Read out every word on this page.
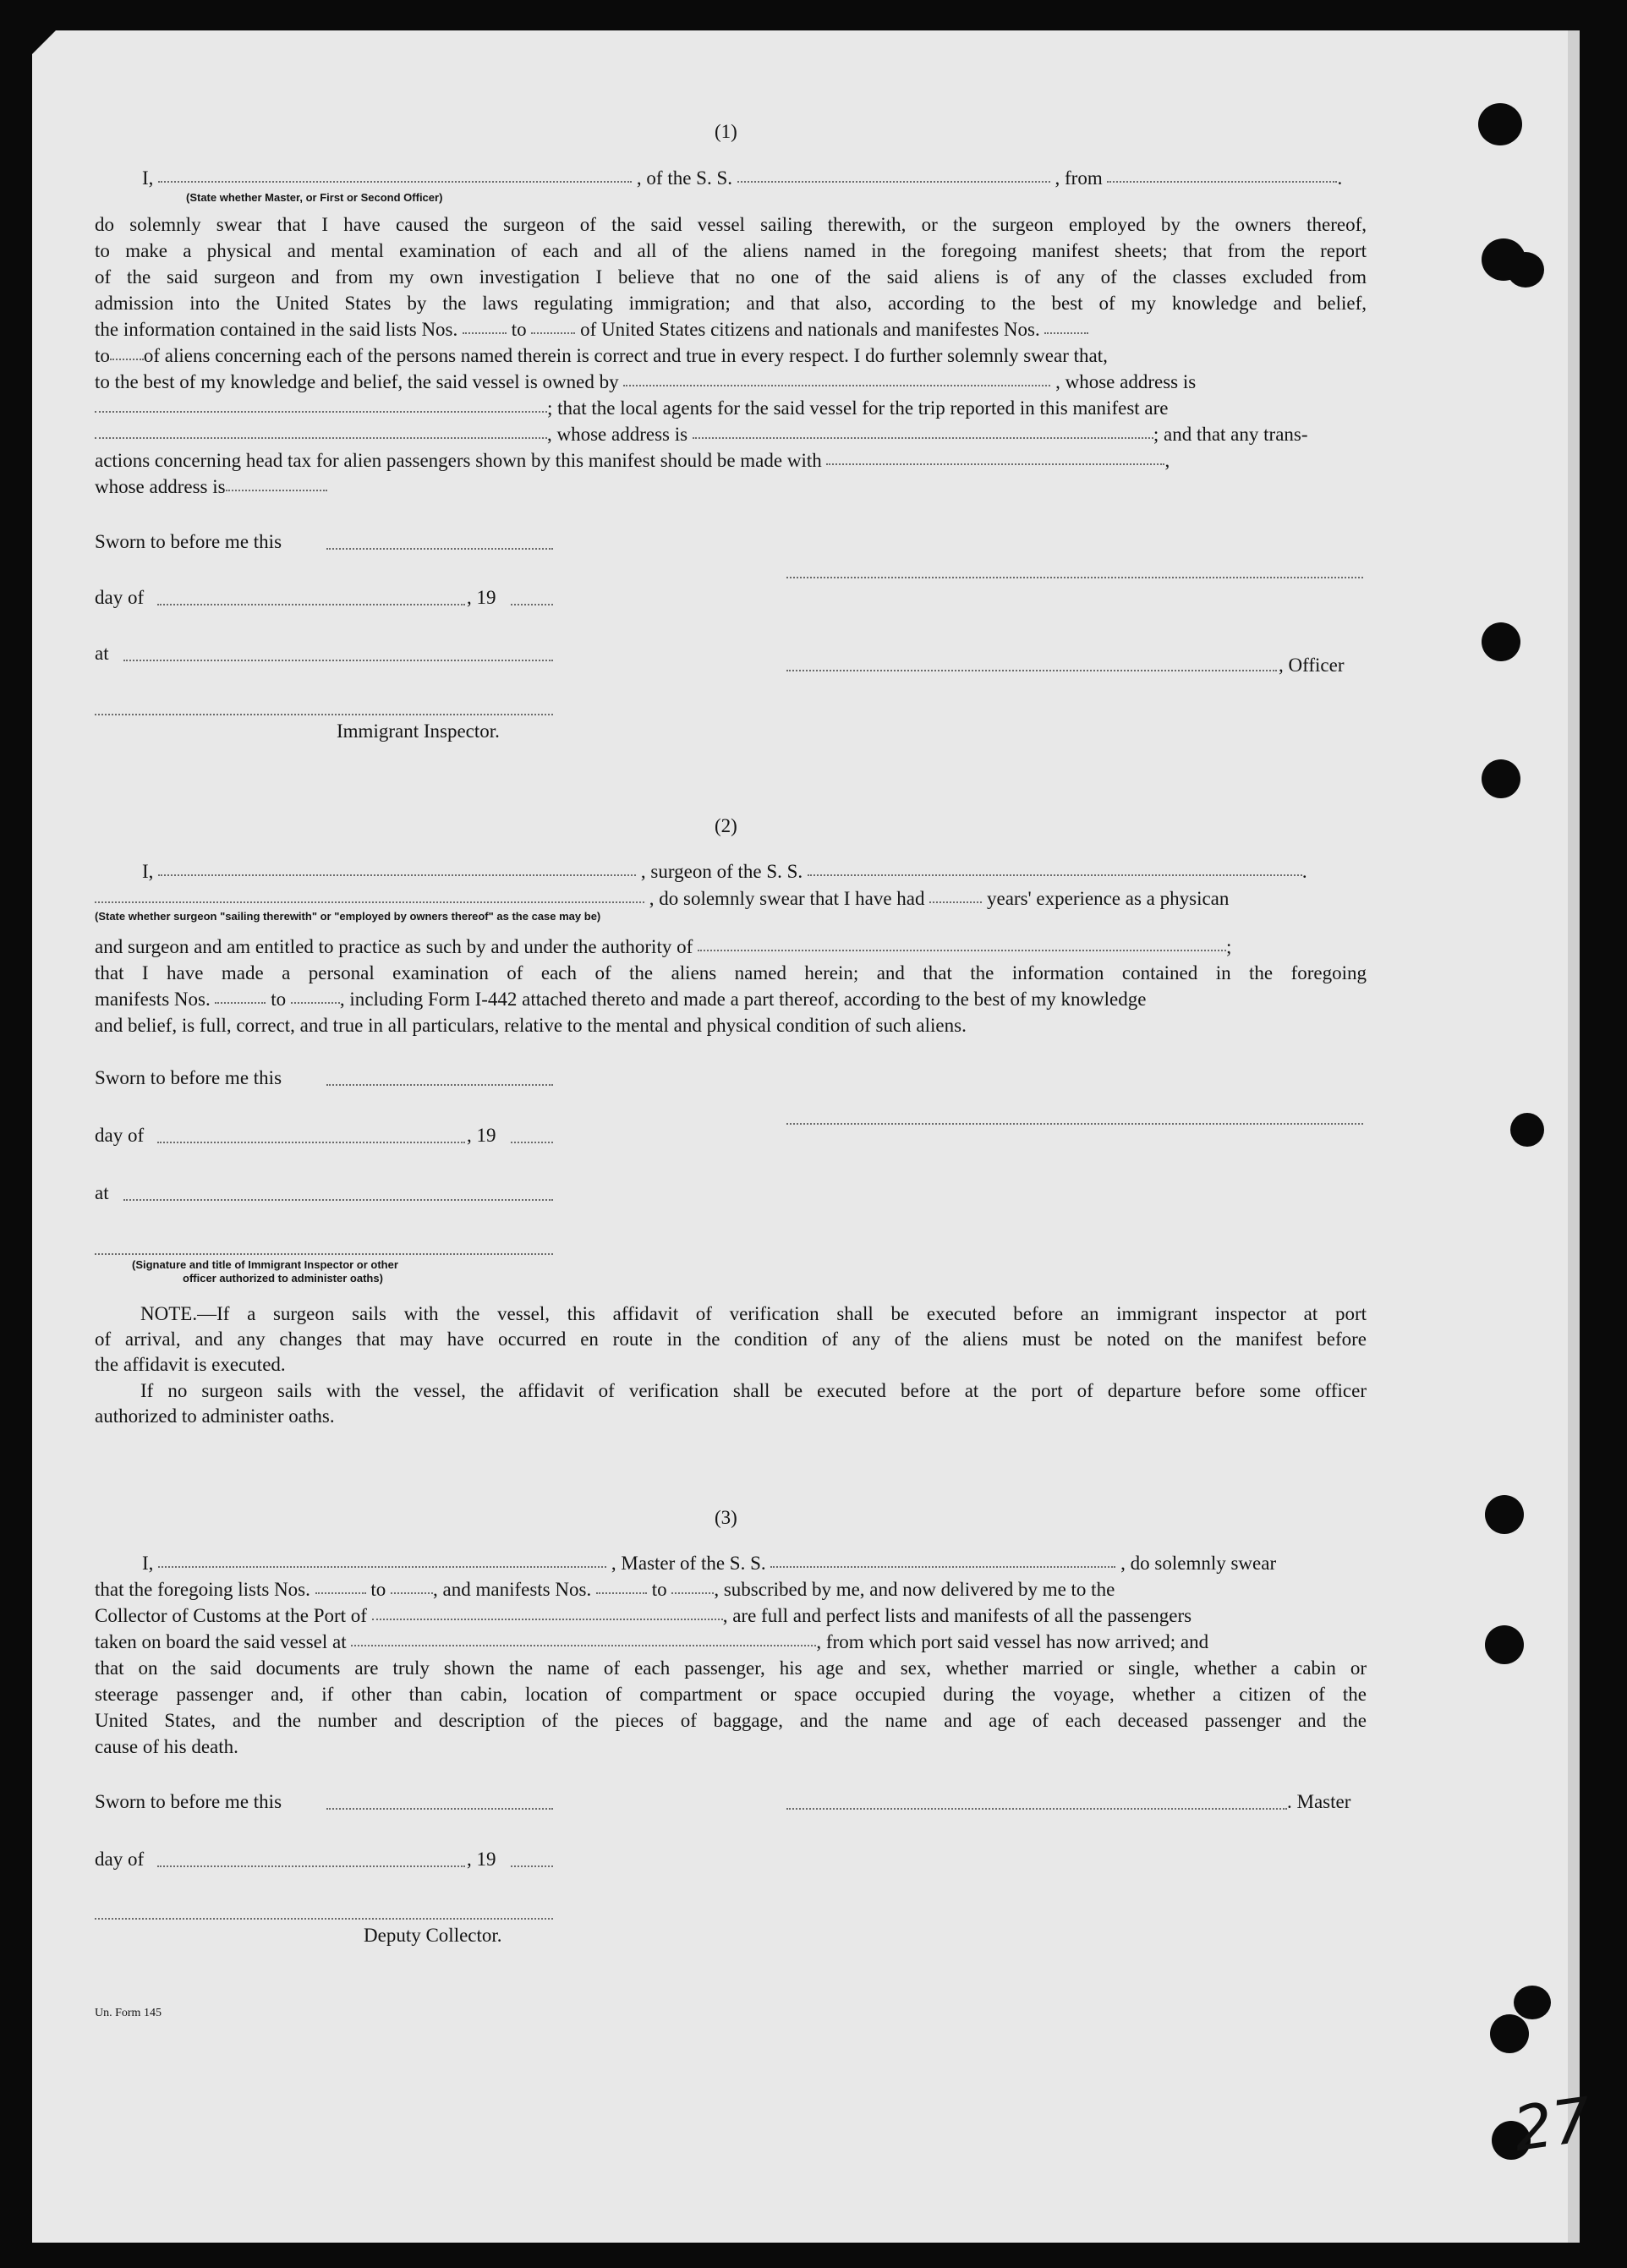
(1)
I,	, of the S. S.	, from	.
(State whether Master, or First or Second Officer)
do solemnly swear that I have caused the surgeon of the said vessel sailing therewith, or the surgeon employed by the owners thereof,
to make a physical and mental examination of each and all of the aliens named in the foregoing manifest sheets; that from the report
of the said surgeon and from my own investigation I believe that no one of the said aliens is of any of the classes excluded from
admission into the United States by the laws regulating immigration; and that also, according to the best of my knowledge and belief,
the information contained in the said lists Nos.	to	of United States citizens and nationals and manifestes Nos.
to of aliens concerning each of the persons named therein is correct and true in every respect. I do further solemnly swear that,
to the best of my knowledge and belief, the said vessel is owned by	, whose address is
; that the local agents for the said vessel for the trip reported in this manifest are
, whose address is	; and that any trans-
actions concerning head tax for alien passengers shown by this manifest should be made with	,
whose address is
Sworn to before me this
day of	, 19
at
, Officer
Immigrant Inspector.
(2)
I,	, surgeon of the S. S.	.
, do solemnly swear that I have had	years' experience as a physican
(State whether surgeon "sailing therewith" or "employed by owners thereof" as the case may be)
and surgeon and am entitled to practice as such by and under the authority of	;
that I have made a personal examination of each of the aliens named herein; and that the information contained in the foregoing
manifests Nos.	to	, including Form I-442 attached thereto and made a part thereof, according to the best of my knowledge
and belief, is full, correct, and true in all particulars, relative to the mental and physical condition of such aliens.
Sworn to before me this
day of	, 19
at
(Signature and title of Immigrant Inspector or other
officer authorized to administer oaths)
NOTE.—If a surgeon sails with the vessel, this affidavit of verification shall be executed before an immigrant inspector at port
of arrival, and any changes that may have occurred en route in the condition of any of the aliens must be noted on the manifest before
the affidavit is executed.
If no surgeon sails with the vessel, the affidavit of verification shall be executed before at the port of departure before some officer
authorized to administer oaths.
(3)
I,	, Master of the S. S.	, do solemnly swear
that the foregoing lists Nos.	to , and manifests Nos.	to , subscribed by me, and now delivered by me to the
Collector of Customs at the Port of	, are full and perfect lists and manifests of all the passengers
taken on board the said vessel at	, from which port said vessel has now arrived; and
that on the said documents are truly shown the name of each passenger, his age and sex, whether married or single, whether a cabin or
steerage passenger and, if other than cabin, location of compartment or space occupied during the voyage, whether a citizen of the
United States, and the number and description of the pieces of baggage, and the name and age of each deceased passenger and the
cause of his death.
Sworn to before me this	. Master
day of	, 19
Deputy Collector.
Un. Form 145
27
